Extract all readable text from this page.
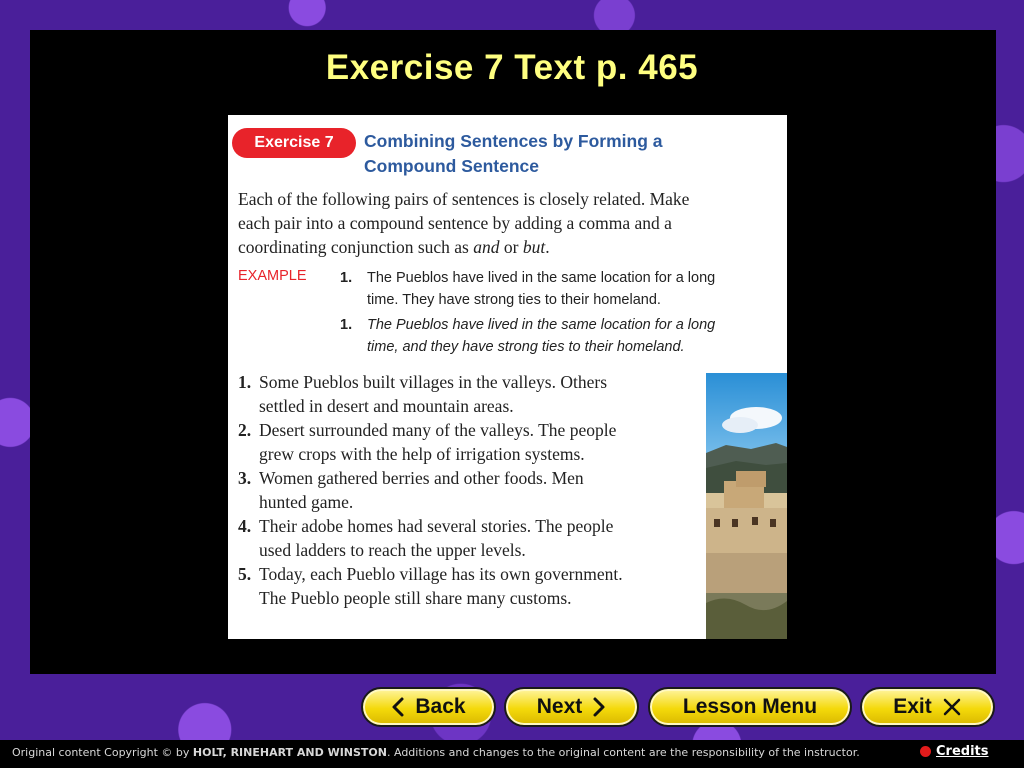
Exercise 7 Text p. 465
Exercise 7	Combining Sentences by Forming a
Compound Sentence
Each of the following pairs of sentences is closely related. Make
each pair into a compound sentence by adding a comma and a
coordinating conjunction such as and or but.
EXAMPLE 1. The Pueblos have lived in the same location for a long
time. They have strong ties to their homeland.
1. The Pueblos have lived in the same location for a long
time, and they have strong ties to their homeland.
1. Some Pueblos built villages in the valleys. Others
settled in desert and mountain areas.
2. Desert surrounded many of the valleys. The people
grew crops with the help of irrigation systems.
3. Women gathered berries and other foods. Men
hunted game.
4. Their adobe homes had several stories. The people
used ladders to reach the upper levels.
5. Today, each Pueblo village has its own government.
The Pueblo people still share many customs.
Back	Next	Lesson Menu	Exit
Original content Copyright © by HOLT, RINEHART AND WINSTON. Additions and changes to the original content are the responsibility of the instructor.	Credits
